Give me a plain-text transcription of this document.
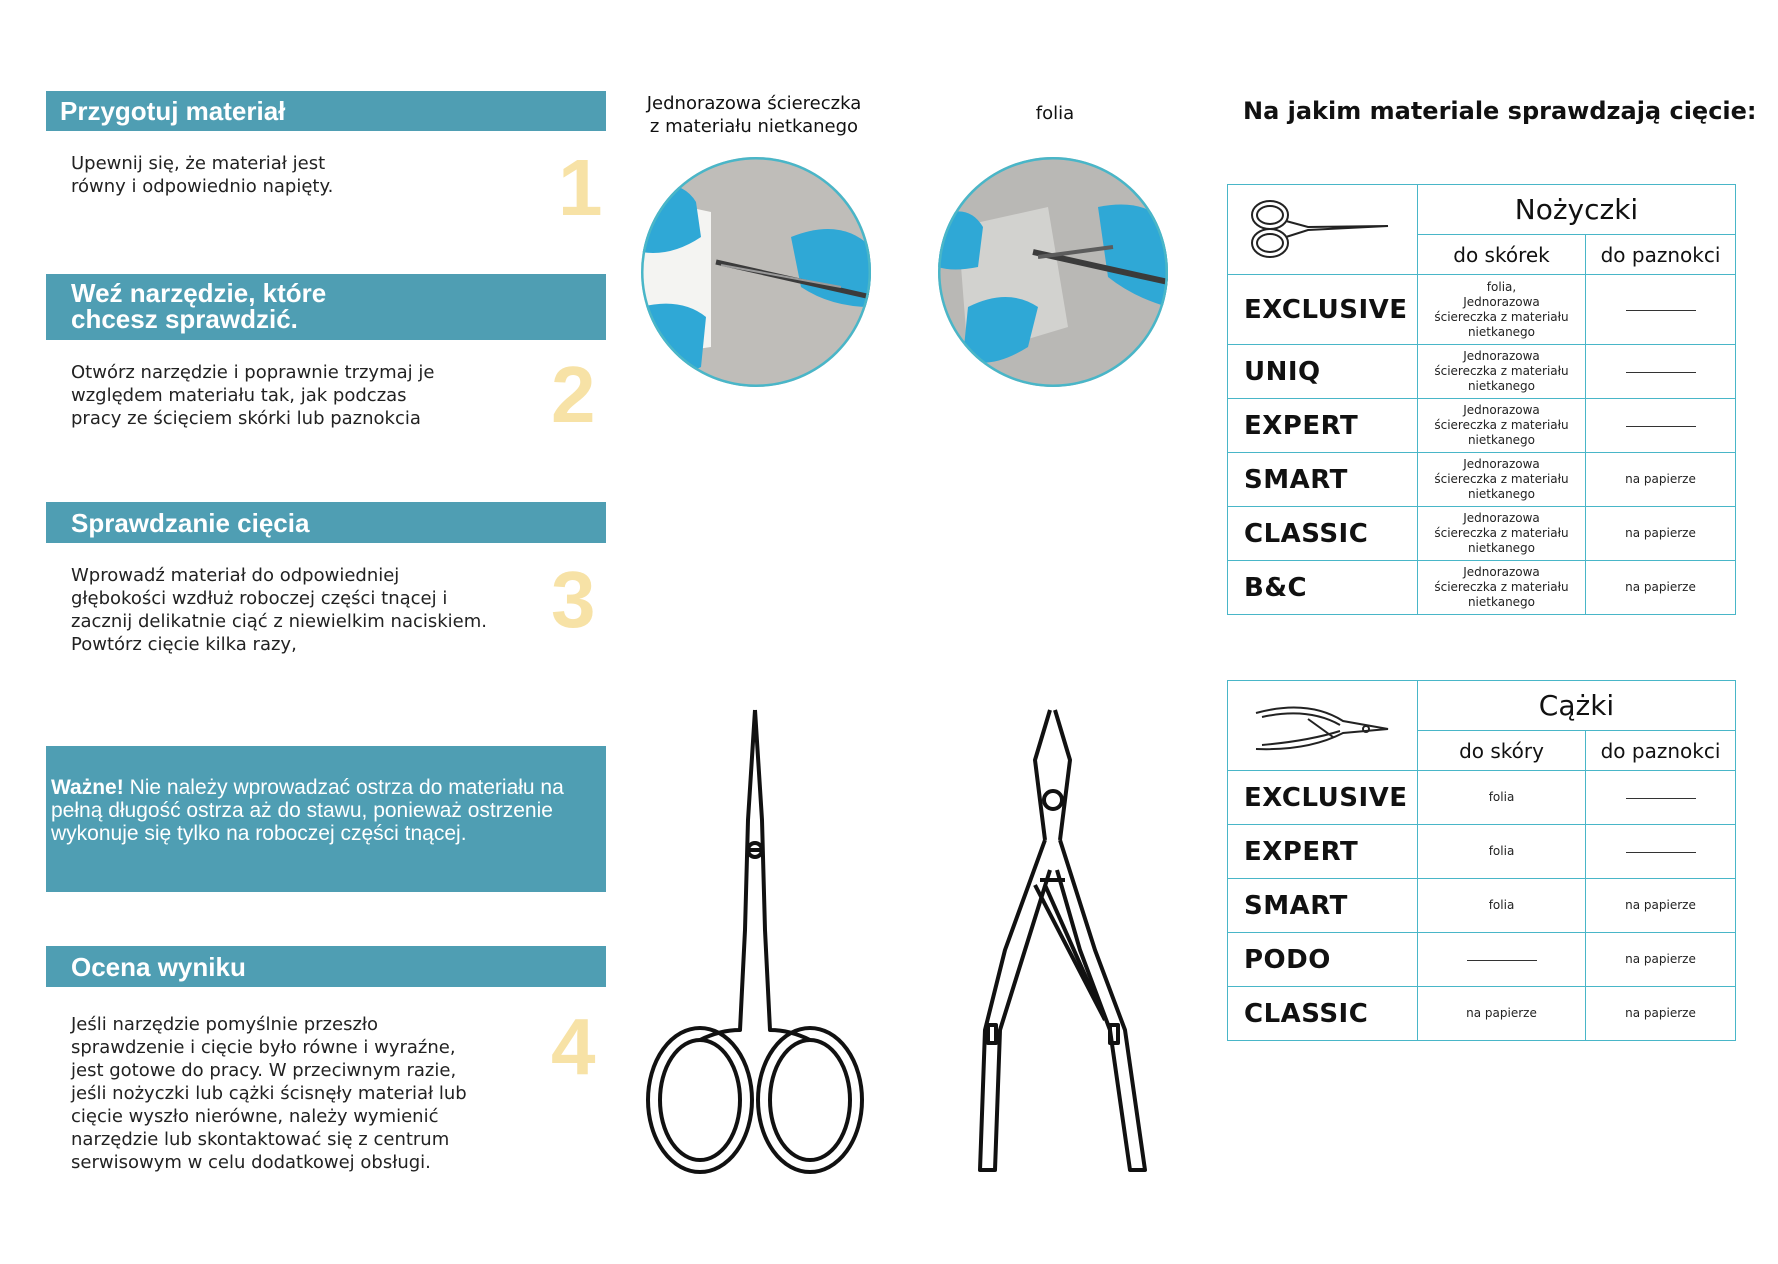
Przygotuj materiał
Upewnij się, że materiał jest równy i odpowiednio napięty.	1
Weź narzędzie, które
chcesz sprawdzić.
Otwórz narzędzie i poprawnie trzymaj je względem materiału tak, jak podczas pracy ze ścięciem skórki lub paznokcia	2
Sprawdzanie cięcia
Wprowadź materiał do odpowiedniej głębokości wzdłuż roboczej części tnącej i zacznij delikatnie ciąć z niewielkim naciskiem. Powtórz cięcie kilka razy,
3

Ważne! Nie należy wprowadzać ostrza do materiału na pełną długość ostrza aż do stawu, ponieważ ostrzenie wykonuje się tylko na roboczej części tnącej.

Ocena wyniku
Jeśli narzędzie pomyślnie przeszło sprawdzenie i cięcie było równe i wyraźne, jest gotowe do pracy. W przeciwnym razie, jeśli nożyczki lub cążki ścisnęły materiał lub cięcie wyszło nierówne, należy wymienić narzędzie lub skontaktować się z centrum serwisowym w celu dodatkowej obsługi.
4
Jednorazowa ściereczka
z materiału nietkanego
folia	Na jakim materiale sprawdzają cięcie:
	Nożyczki	
	do skórek	do paznokci
EXCLUSIVE	folia,
Jednorazowa
ściereczka z materiału
nietkanego	

UNIQ	Jednorazowa
ściereczka z materiału
nietkanego	

EXPERT	Jednorazowa
ściereczka z materiału
nietkanego	

SMART	Jednorazowa
ściereczka z materiału
nietkanego	na papierze
CLASSIC	Jednorazowa
ściereczka z materiału
nietkanego	na papierze
B&C	Jednorazowa
ściereczka z materiału
nietkanego	na papierze
	Cążki	
	do skóry	do paznokci
EXCLUSIVE	folia	
EXPERT	folia	
SMART	folia	na papierze
PODO		na papierze
CLASSIC	na papierze	na papierze
